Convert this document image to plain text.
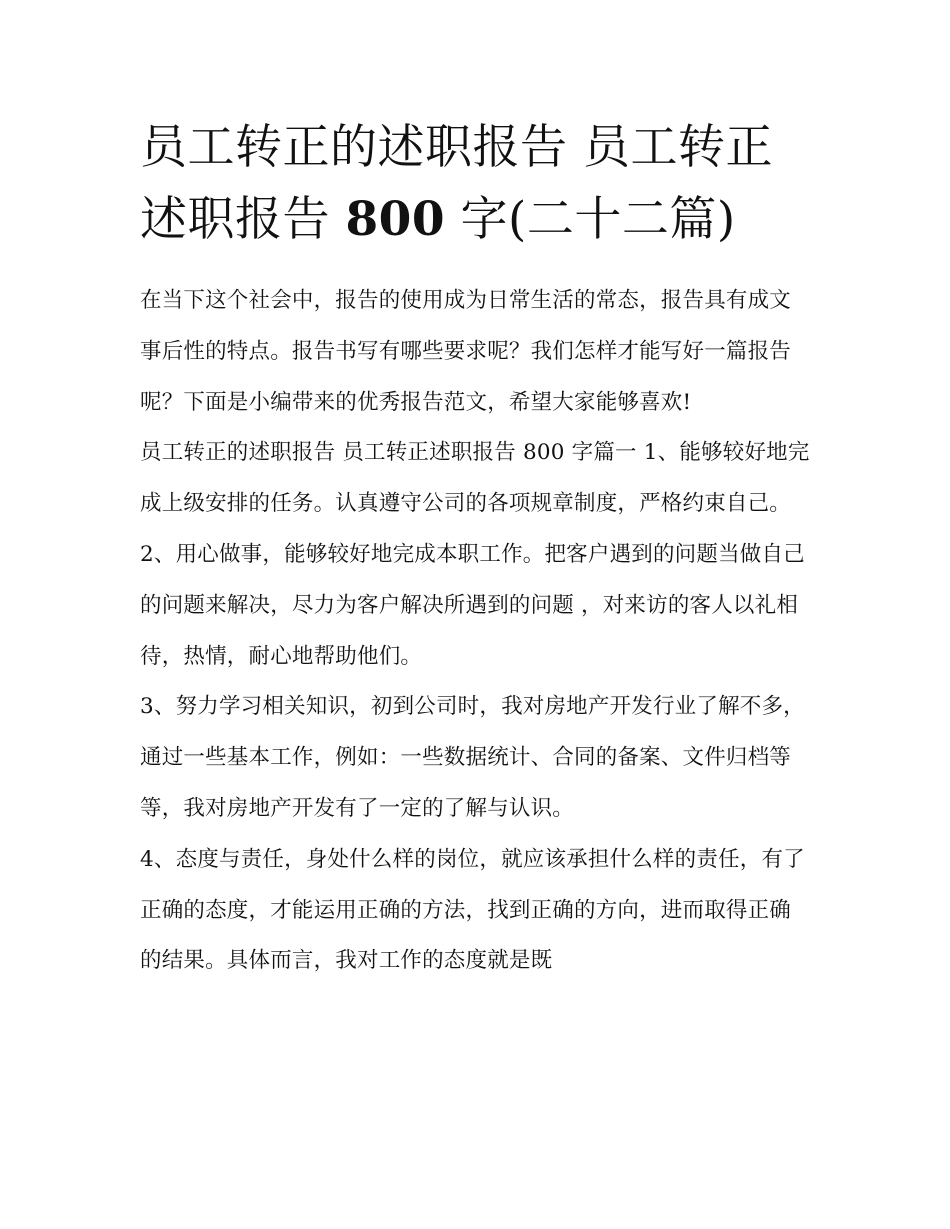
员工转正的述职报告 员工转正述职报告 800 字(二十二篇)

在当下这个社会中，报告的使用成为日常生活的常态，报告具有成文事后性的特点。报告书写有哪些要求呢？我们怎样才能写好一篇报告呢？下面是小编带来的优秀报告范文，希望大家能够喜欢!

员工转正的述职报告 员工转正述职报告 800 字篇一 1、能够较好地完成上级安排的任务。认真遵守公司的各项规章制度，严格约束自己。

2、用心做事，能够较好地完成本职工作。把客户遇到的问题当做自己的问题来解决，尽力为客户解决所遇到的问题 ，对来访的客人以礼相待，热情，耐心地帮助他们。

3、努力学习相关知识，初到公司时，我对房地产开发行业了解不多，通过一些基本工作，例如：一些数据统计、合同的备案、文件归档等等，我对房地产开发有了一定的了解与认识。

4、态度与责任，身处什么样的岗位，就应该承担什么样的责任，有了正确的态度，才能运用正确的方法，找到正确的方向，进而取得正确的结果。具体而言，我对工作的态度就是既
